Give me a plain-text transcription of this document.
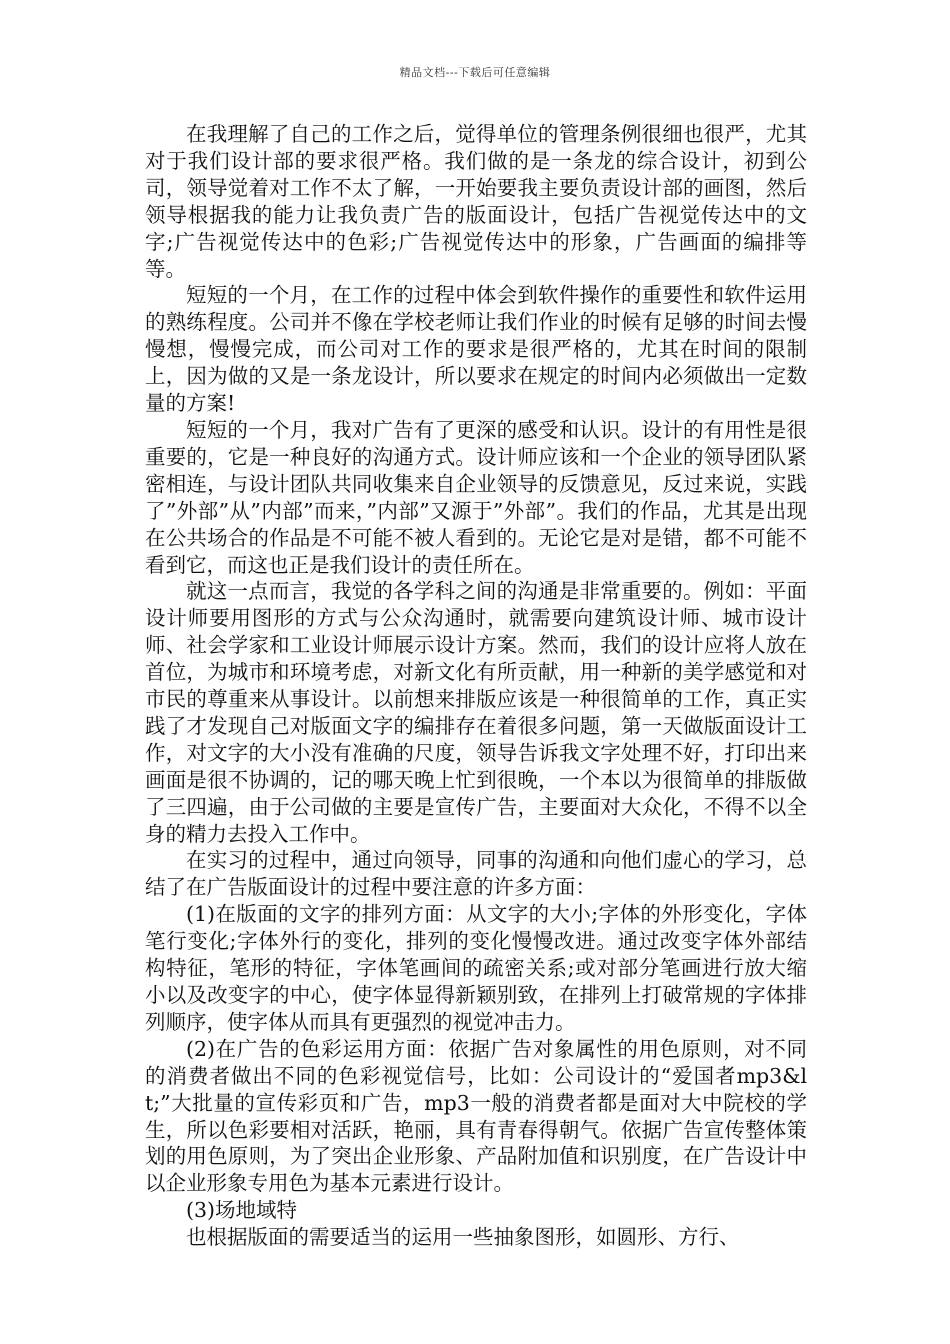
精品文档---下载后可任意编辑

在我理解了自己的工作之后，觉得单位的管理条例很细也很严，尤其对于我们设计部的要求很严格。我们做的是一条龙的综合设计，初到公司，领导觉着对工作不太了解，一开始要我主要负责设计部的画图，然后领导根据我的能力让我负责广告的版面设计，包括广告视觉传达中的文字;广告视觉传达中的色彩;广告视觉传达中的形象，广告画面的编排等等。

短短的一个月，在工作的过程中体会到软件操作的重要性和软件运用的熟练程度。公司并不像在学校老师让我们作业的时候有足够的时间去慢慢想，慢慢完成，而公司对工作的要求是很严格的，尤其在时间的限制上，因为做的又是一条龙设计，所以要求在规定的时间内必须做出一定数量的方案!

短短的一个月，我对广告有了更深的感受和认识。设计的有用性是很重要的，它是一种良好的沟通方式。设计师应该和一个企业的领导团队紧密相连，与设计团队共同收集来自企业领导的反馈意见，反过来说，实践了”外部”从”内部”而来，”内部”又源于”外部”。我们的作品，尤其是出现在公共场合的作品是不可能不被人看到的。无论它是对是错，都不可能不看到它，而这也正是我们设计的责任所在。

就这一点而言，我觉的各学科之间的沟通是非常重要的。例如：平面设计师要用图形的方式与公众沟通时，就需要向建筑设计师、城市设计师、社会学家和工业设计师展示设计方案。然而，我们的设计应将人放在首位，为城市和环境考虑，对新文化有所贡献，用一种新的美学感觉和对市民的尊重来从事设计。以前想来排版应该是一种很简单的工作，真正实践了才发现自己对版面文字的编排存在着很多问题，第一天做版面设计工作，对文字的大小没有准确的尺度，领导告诉我文字处理不好，打印出来画面是很不协调的，记的哪天晚上忙到很晚，一个本以为很简单的排版做了三四遍，由于公司做的主要是宣传广告，主要面对大众化，不得不以全身的精力去投入工作中。

在实习的过程中，通过向领导，同事的沟通和向他们虚心的学习，总结了在广告版面设计的过程中要注意的许多方面：

(1)在版面的文字的排列方面：从文字的大小;字体的外形变化，字体笔行变化;字体外行的变化，排列的变化慢慢改进。通过改变字体外部结构特征，笔形的特征，字体笔画间的疏密关系;或对部分笔画进行放大缩小以及改变字的中心，使字体显得新颖别致，在排列上打破常规的字体排列顺序，使字体从而具有更强烈的视觉冲击力。

(2)在广告的色彩运用方面：依据广告对象属性的用色原则，对不同的消费者做出不同的色彩视觉信号，比如：公司设计的“爱国者mp3&lt;”大批量的宣传彩页和广告，mp3一般的消费者都是面对大中院校的学生，所以色彩要相对活跃，艳丽，具有青春得朝气。依据广告宣传整体策划的用色原则，为了突出企业形象、产品附加值和识别度，在广告设计中以企业形象专用色为基本元素进行设计。

(3)场地域特

也根据版面的需要适当的运用一些抽象图形，如圆形、方行、
